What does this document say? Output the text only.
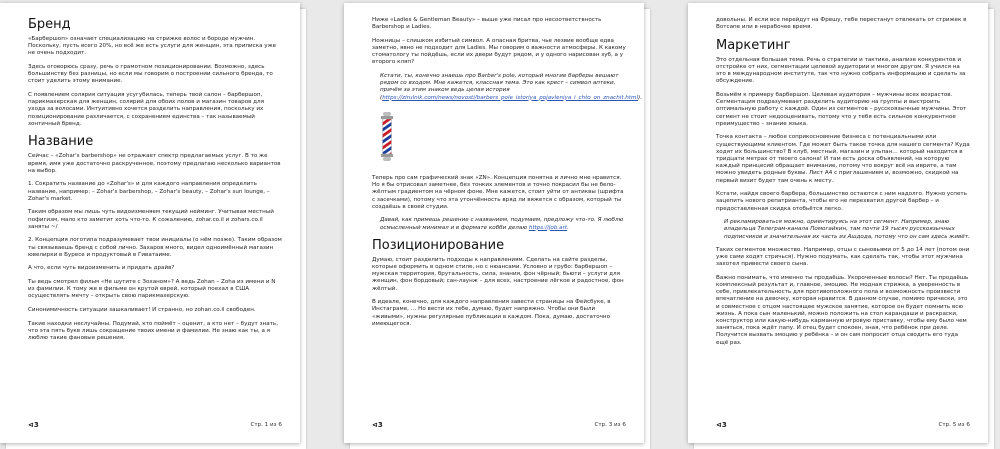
Бренд

«Барбершоп» означает специализацию на стрижке волос и бороде мужчин. Поскольку, пусть всего 20%, но всё же есть услуги для женщин, эта приписка уже не очень подходит.

Здесь оговорюсь сразу, речь о грамотном позиционировании. Возможно, здесь большинству без разницы, но если мы говорим о построении сильного бренда, то стоит уделить этому внимание.

С появлением солярия ситуация усугубилась, теперь твой салон – барбершоп, парикмахерская для женщин, солярий для обоих полов и магазин товаров для ухода за волосами. Интуитивно хочется разделить направления, поскольку их позиционирование различается, с сохранением единства – так называемый зонтичный бренд.

Название

Сейчас – «Zohar's barbershop» не отражает спектр предлагаемых услуг. В то же время, имя уже достаточно раскрученное, поэтому предлагаю несколько вариантов на выбор.

1. Сократить название до «Zohar's» и для каждого направления определить название, например: – Zohar's barbershop, – Zohar's beauty, – Zohar's sun lounge, – Zohar's market.

Таким образом мы лишь чуть видоизменяем текущий нейминг. Учитывая местный пофигизм, мало кто заметит хоть что-то. К сожалению, zohar.co.il и zohars.co.il заняты ~/

2. Концепция логотипа подразумевает твои инициалы (о нём позже). Таким образом ты связываешь бренд с собой лично. Захаров много, видел одноимённый магазин ювелирки в Буресе и продуктовый в Гиватаиме.

А что, если чуть видоизменить и придать драйв?

Ты ведь смотрел фильм «Не шутите с Зоханом»? А ведь Zohan – Zoha из имени и N из фамилии. К тому же в фильме он крутой еврей, который поехал в США осуществлять мечту – открыть свою парикмахерскую.

Синонимичность ситуации зашкаливает! И странно, но zohan.co.il свободен.

Такие находки неслучайны. Подумай, кто поймёт – оценит, а кто нет – будут знать, что эта пять букв лишь сокращение твоих имени и фамилии. Не знаю как ты, а я люблю такие фановые решения.

⊲3	Стр. 1 из 6

Ниже «Ladies & Gentleman Beauty» – выше уже писал про несоответствность Barbershop и Ladies.

Ножницы – слишком избитый символ. А опасная бритва, чье лезвие вообще едва заметно, явно не подходит для Ladies. Мы говорим о важности атмосферы. К какому стоматологу ты пойдёшь, если их двери будут рядом, и у одного нарисован зуб, а у второго кляп?

Кстати, ты, конечно знаешь про Barber's pole, который многие барберы вешают рядом со входом. Мне кажется, классная тема. Это как крест – символ аптеки, причём за этим знаком ведь целая история (https://zirulnik.com/news/novosti/barbers_pole_istoriya_pojavleniya_i_chto_on_znachit.html).

Теперь про сам графический знак «ZN». Концепция понятна и лично мне нравится. Но я бы отрисовал заметнее, без тонких элементов и точно покрасил бы не бело-жёлтым градиентом на чёрном фоне. Мне кажется, стоит уйти от антиквы (шрифта с засечками), потому что эта утончённость вряд ли вяжется с образом, который ты создаёшь в своей студии.

Давай, как примешь решение с названием, подумаем, предложу что-то. Я люблю осмысленный минимал и в формате кобби делаю https://job.art.

Позиционирование

Думаю, стоит разделить подходы к направлениям. Сделать на сайте разделы, которые оформить в одном стиле, но с нюансами. Условно и грубо: барбершоп – мужская территория, брутальность, сила, знания, фон чёрный; бьюти – услуги для женщин, фон бордовый; сан-лаунж – для всех, настроение лёгкое и радостное, фон жёлтый.

В идеале, конечно, для каждого направления завести страницы на Фейсбуке, в Инстаграме, … Но вести их тебе, думаю, будет напряжно. Чтобы они были «живыми», нужны регулярные публикации в каждом. Пока, думаю, достаточно имеющегося.

⊲3	Стр. 3 из 6

довольны. И если все перейдут на Фрешу, тебе перестанут отвлекать от стрижек в Вотсапе или в нерабочее время.

Маркетинг

Это отдельная большая тема. Речь о стратегии и тактике, анализе конкурентов и отстройке от них, сегментации целевой аудитории и многом другом. Я учился на это в международном институте, так что нужно собрать информацию и сделать за обсуждение.

Возьмём к примеру барбершоп. Целевая аудитория – мужчины всех возрастов. Сегментация подразумевает разделить аудиторию на группы и выстроить оптимальную работу с каждой. Один из сегментов – русскоязычные мужчины. Этот сегмент не стоит недооценивать, потому что у тебя есть сильное конкурентное преимущество – знание языка.

Точка контакта – любое соприкосновение бизнеса с потенциальными или существующими клиентом. Где может быть такое точка для нашего сегмента? Куда ходят их большинство? В клуб, местный, магазин и ульпан… который находится в тридцати метрах от твоего салона! И там есть доска объявлений, на которую каждый принцесий обращает внимание, потому что вокруг всё на иврите, а там можно увидеть родные буквы. Лист А4 с приглашением и, возможно, скидкой на первый визит будет там очень к месту.

Кстати, найдя своего барбера, большинство остаются с ним надолго. Нужно успеть зацепить нового репатрианта, чтобы его не перехватил другой барбер – и предоставленная скидка отобьётся легко.

И рекламироваться можно, ориентируясь на этот сегмент. Например, знаю владельца Телеграм-канала Помогайкин, там почти 19 тысяч русскоязычных подписчиков и значительная их часть из Ашдода, потому что он сам здесь живёт.

Таких сегментов множество. Например, отцы с сыновьями от 5 до 14 лет (потом они уже сами ходят стричься). Нужно подумать, как сделать так, чтобы этот мужчина захотел привести своего сына.

Важно понимать, что именно ты продаёшь. Укороченные волосы? Нет. Ты продаёшь комплексный результат и, главное, эмоцию. Не модная стрижка, а уверенность в себе, привлекательность для противоположного пола и возможность произвести впечатление на девочку, которая нравится. В данном случае, помимо прически, это и совместное с отцом настоящее мужское занятие, которое он будет помнить всю жизнь. А пока сын маленький, можно положить на стол карандаши и раскраски, конструктор или какую-нибудь карманную игровую приставку, чтобы ему было чем заняться, пока ждёт папу. И отец будет спокоен, зная, что ребёнок при деле. Получится вызвать эмоцию у ребёнка – и он сам попросит отца сводить его туда ещё раз.

⊲3	Стр. 5 из 6
